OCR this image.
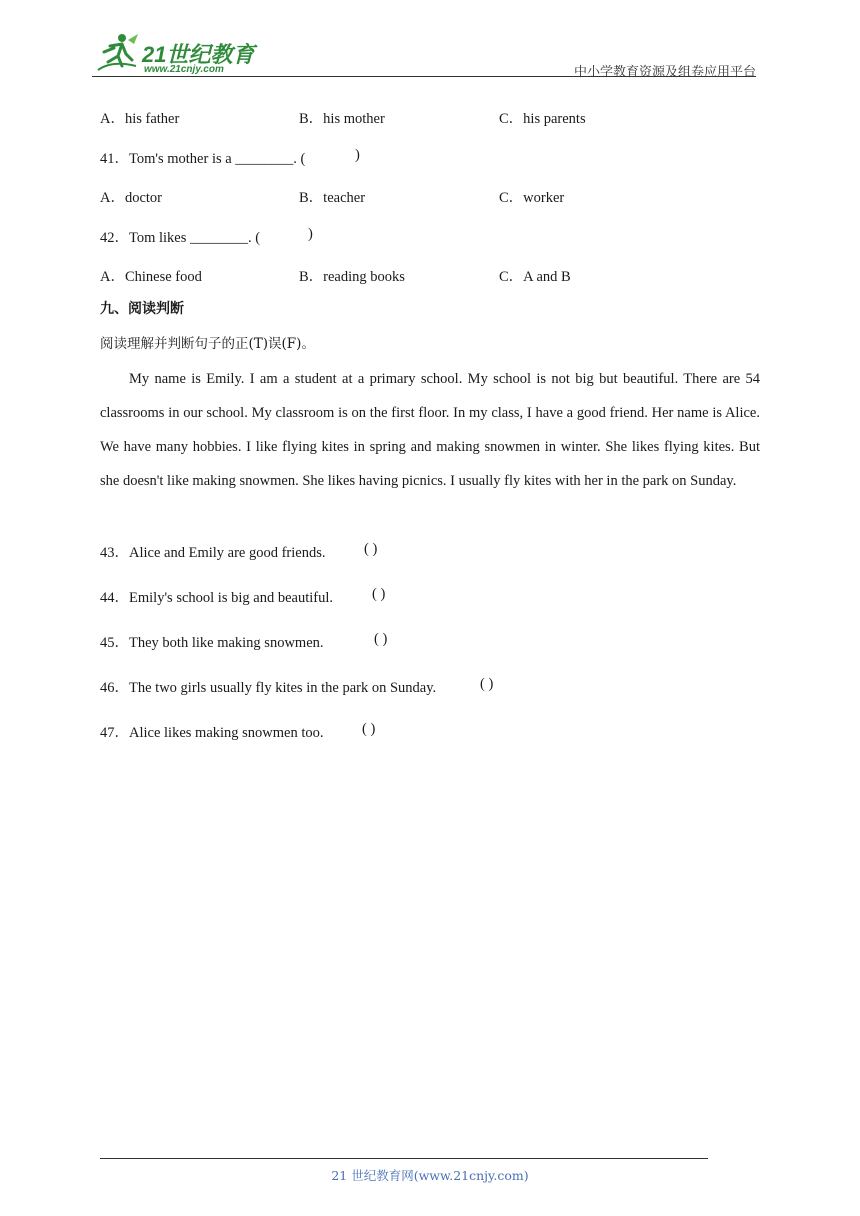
21世纪教育
www.21cnjy.com	中小学教育资源及组卷应用平台
A．his father	B．his mother	C．his parents
41．Tom's mother is a ________. (	)
A．doctor	B．teacher	C．worker
42．Tom likes ________. (	)
A．Chinese food	B．reading books	C．A and B
九、阅读判断
阅读理解并判断句子的正(T)误(F)。
My name is Emily. I am a student at a primary school. My school is not big but beautiful. There are 54 classrooms in our school. My classroom is on the first floor. In my class, I have a good friend. Her name is Alice. We have many hobbies. I like flying kites in spring and making snowmen in winter. She likes flying kites. But she doesn't like making snowmen. She likes having picnics. I usually fly kites with her in the park on Sunday.
43．Alice and Emily are good friends.	( )
44．Emily's school is big and beautiful.	( )
45．They both like making snowmen.	( )
46．The two girls usually fly kites in the park on Sunday.	( )
47．Alice likes making snowmen too.	( )
21 世纪教育网(www.21cnjy.com)
